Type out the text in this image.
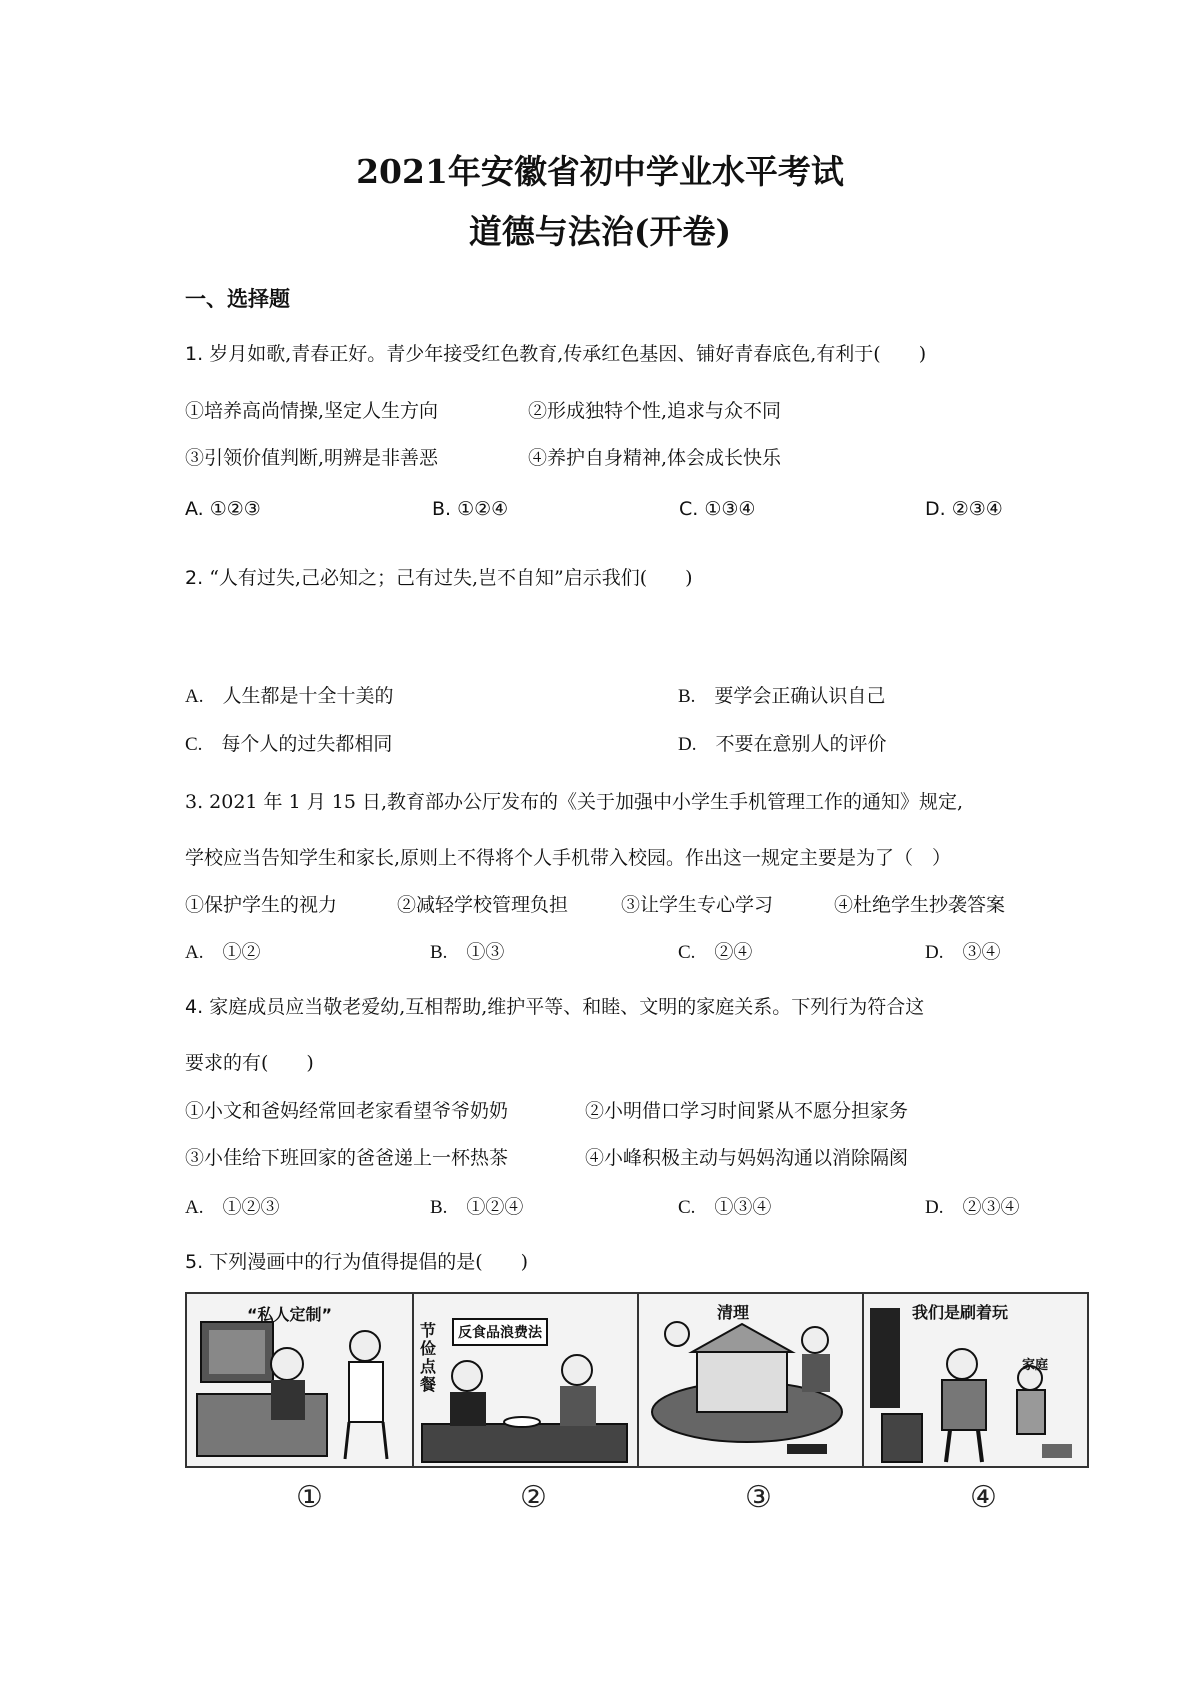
2021年安徽省初中学业水平考试
道德与法治(开卷)
一、选择题
1. 岁月如歌,青春正好。青少年接受红色教育,传承红色基因、铺好青春底色,有利于(　　)
①培养高尚情操,坚定人生方向	②形成独特个性,追求与众不同
③引领价值判断,明辨是非善恶	④养护自身精神,体会成长快乐
A. ①②③	B. ①②④	C. ①③④	D. ②③④
2. “人有过失,己必知之；己有过失,岂不自知”启示我们(　　)
A.　人生都是十全十美的	B.　要学会正确认识自己
C.　每个人的过失都相同	D.　不要在意别人的评价
3. 2021 年 1 月 15 日,教育部办公厅发布的《关于加强中小学生手机管理工作的通知》规定,
学校应当告知学生和家长,原则上不得将个人手机带入校园。作出这一规定主要是为了（　）
①保护学生的视力	②减轻学校管理负担	③让学生专心学习	④杜绝学生抄袭答案
A.　①②	B.　①③	C.　②④	D.　③④
4. 家庭成员应当敬老爱幼,互相帮助,维护平等、和睦、文明的家庭关系。下列行为符合这
要求的有(　　)
①小文和爸妈经常回老家看望爷爷奶奶	②小明借口学习时间紧从不愿分担家务
③小佳给下班回家的爸爸递上一杯热茶	④小峰积极主动与妈妈沟通以消除隔阂
A.　①②③	B.　①②④	C.　①③④	D.　②③④
5. 下列漫画中的行为值得提倡的是(　　)
“私人定制”
节俭点餐
反食品浪费法
清理	我们是刷着玩
家庭
①	②	③	④
